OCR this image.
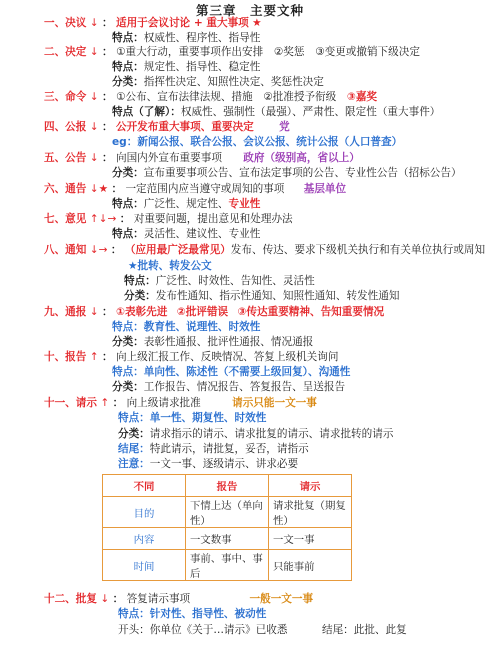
第三章　主要文种
一、决议 ↓ ： 适用于会议讨论 + 重大事项 ★
特点：权威性、程序性、指导性
二、决定 ↓ ： ①重大行动，重要事项作出安排　②奖惩　③变更或撤销下级决定
特点：规定性、指导性、稳定性
分类：指挥性决定、知照性决定、奖惩性决定
三、命令 ↓ ： ①公布、宣布法律法规、措施　②批准授予衔级　③嘉奖
特点（了解）：权威性、强制性（最强）、严肃性、限定性（重大事件）
四、公报 ↓ ： 公开发布重大事项、重要决定 党
eg：新闻公报、联合公报、会议公报、统计公报（人口普查）
五、公告 ↓ ： 向国内外宣布重要事项 政府（级别高，省以上）
分类：宣布重要事项公告、宣布法定事项的公告、专业性公告（招标公告）
六、通告 ↓★ ： 一定范围内应当遵守或周知的事项 基层单位
特点：广泛性、规定性、专业性
七、意见 ↑↓→ ： 对重要问题，提出意见和处理办法
特点：灵活性、建议性、专业性
八、通知 ↓→ ： （应用最广泛最常见）发布、传达、要求下级机关执行和有关单位执行或周知
★批转、转发公文
特点：广泛性、时效性、告知性、灵活性
分类：发布性通知、指示性通知、知照性通知、转发性通知
九、通报 ↓ ： ①表彰先进 ②批评错误 ③传达重要精神、告知重要情况
特点：教育性、说理性、时效性
分类：表彰性通报、批评性通报、情况通报
十、报告 ↑ ： 向上级汇报工作、反映情况、答复上级机关询问
特点：单向性、陈述性（不需要上级回复）、沟通性
分类：工作报告、情况报告、答复报告、呈送报告
十一、请示 ↑ ： 向上级请求批准	请示只能一文一事
特点：单一性、期复性、时效性
分类：请求指示的请示、请求批复的请示、请求批转的请示
结尾：特此请示，请批复，妥否，请指示
注意：一文一事、逐级请示、讲求必要
不同	报告	请示
目的	下情上达（单向性）	请求批复（期复性）
内容	一文数事	一文一事
时间	事前、事中、事后	只能事前
十二、批复 ↓ ： 答复请示事项	一般一文一事
特点：针对性、指导性、被动性
开头：你单位《关于…请示》已收悉	结尾：此批、此复
